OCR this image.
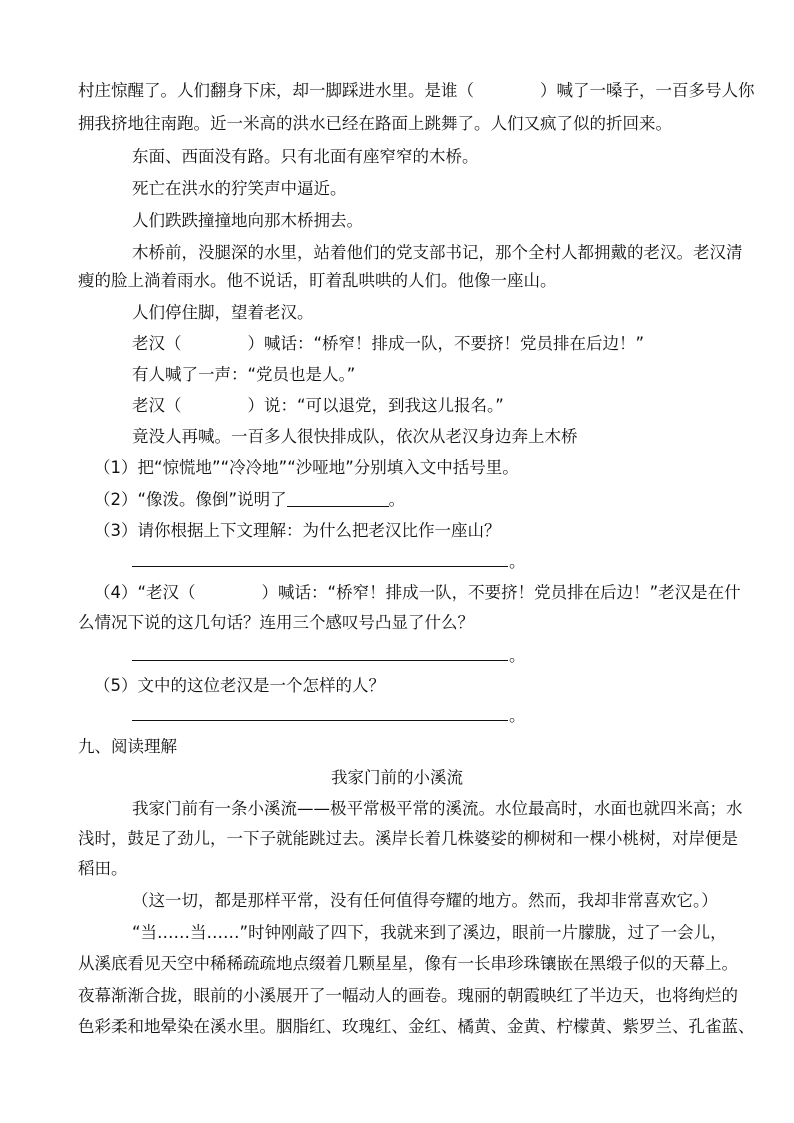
村庄惊醒了。人们翻身下床，却一脚踩进水里。是谁（　　　　）喊了一嗓子，一百多号人你
拥我挤地往南跑。近一米高的洪水已经在路面上跳舞了。人们又疯了似的折回来。
东面、西面没有路。只有北面有座窄窄的木桥。
死亡在洪水的狞笑声中逼近。
人们跌跌撞撞地向那木桥拥去。
木桥前，没腿深的水里，站着他们的党支部书记，那个全村人都拥戴的老汉。老汉清
瘦的脸上淌着雨水。他不说话，盯着乱哄哄的人们。他像一座山。
人们停住脚，望着老汉。
老汉（　　　　）喊话：“桥窄！排成一队，不要挤！党员排在后边！”
有人喊了一声：“党员也是人。”
老汉（　　　　）说：“可以退党，到我这儿报名。”
竟没人再喊。一百多人很快排成队，依次从老汉身边奔上木桥
（1）把“惊慌地”“冷冷地”“沙哑地”分别填入文中括号里。
（2）“像泼。像倒”说明了	。
（3）请你根据上下文理解：为什么把老汉比作一座山？
。
（4）“老汉（　　　　）喊话：“桥窄！排成一队，不要挤！党员排在后边！”老汉是在什
么情况下说的这几句话？连用三个感叹号凸显了什么？
。
（5）文中的这位老汉是一个怎样的人？
。
九、阅读理解
我家门前的小溪流
我家门前有一条小溪流——极平常极平常的溪流。水位最高时，水面也就四米高；水
浅时，鼓足了劲儿，一下子就能跳过去。溪岸长着几株婆娑的柳树和一棵小桃树，对岸便是
稻田。
（这一切，都是那样平常，没有任何值得夸耀的地方。然而，我却非常喜欢它。）
“当……当……”时钟刚敲了四下，我就来到了溪边，眼前一片朦胧，过了一会儿，
从溪底看见天空中稀稀疏疏地点缀着几颗星星，像有一长串珍珠镶嵌在黑缎子似的天幕上。
夜幕渐渐合拢，眼前的小溪展开了一幅动人的画卷。瑰丽的朝霞映红了半边天，也将绚烂的
色彩柔和地晕染在溪水里。胭脂红、玫瑰红、金红、橘黄、金黄、柠檬黄、紫罗兰、孔雀蓝、
